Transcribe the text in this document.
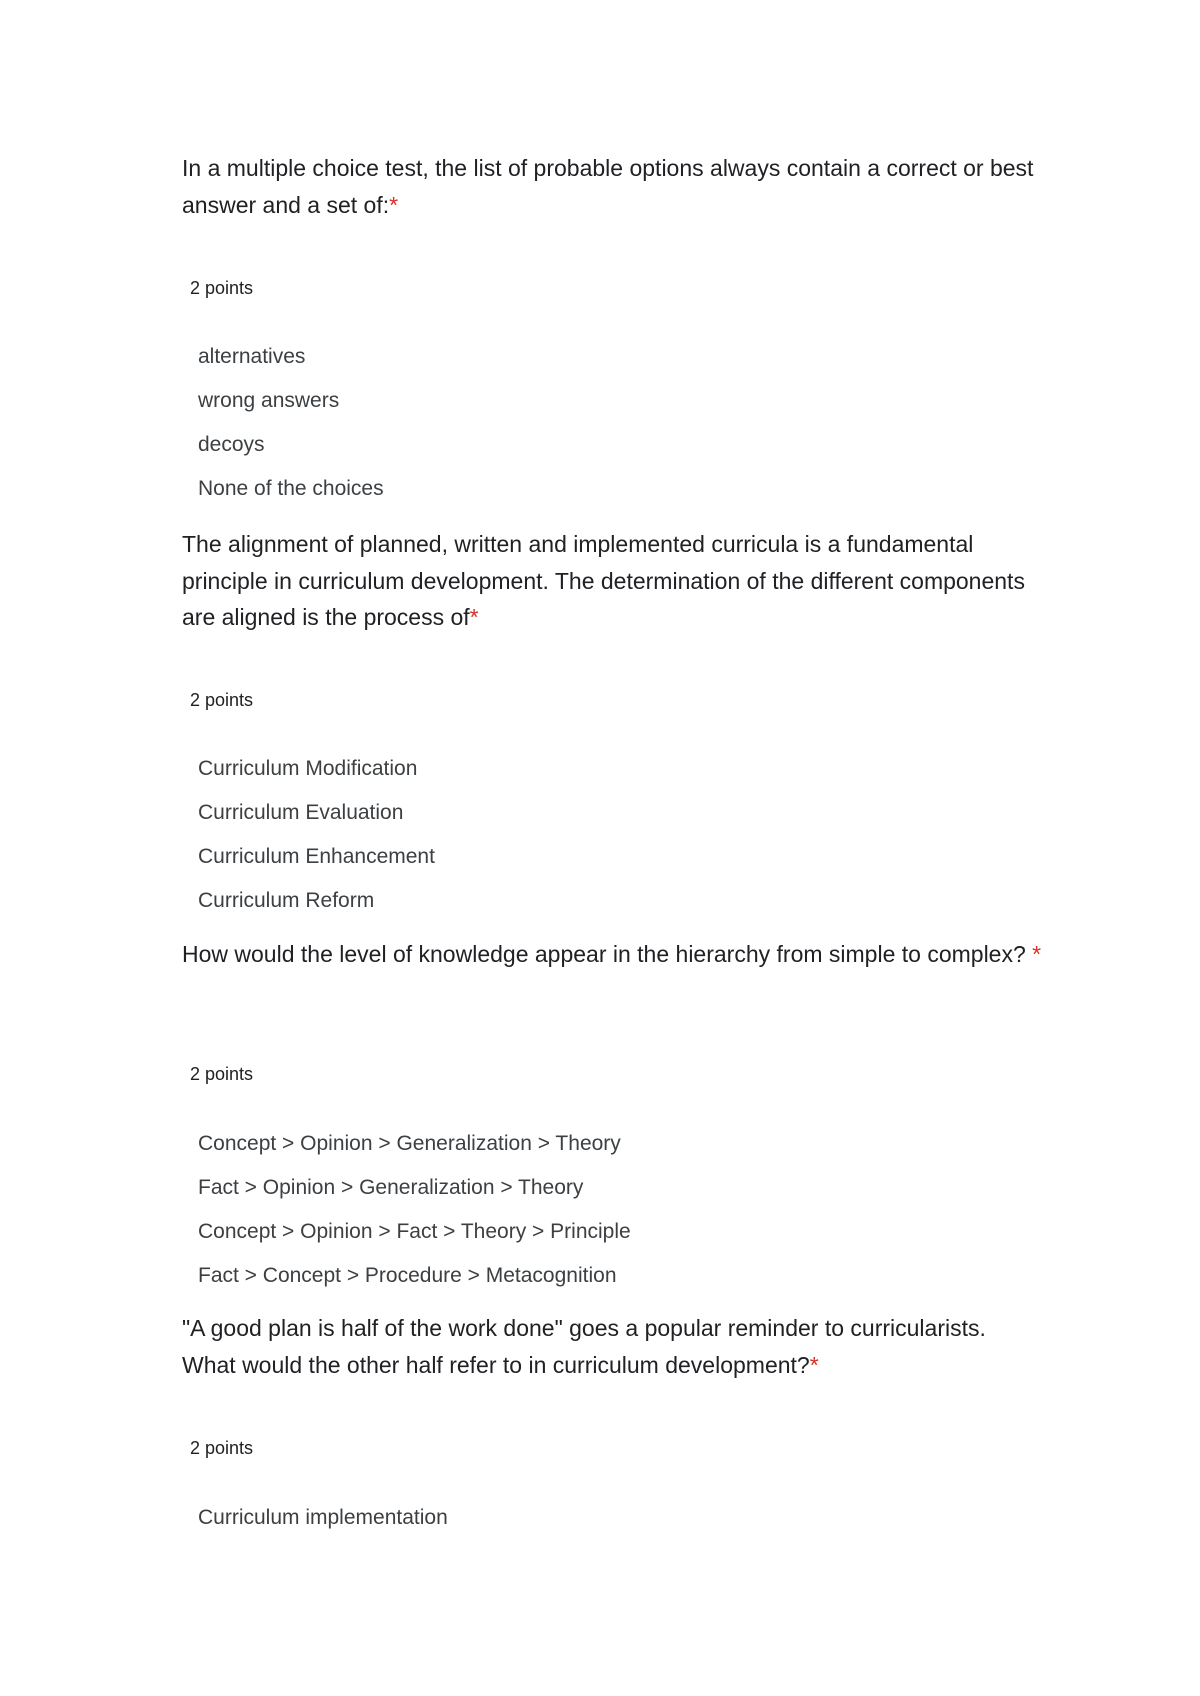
In a multiple choice test, the list of probable options always contain a correct or best answer and a set of:*

2 points
alternatives
wrong answers
decoys
None of the choices

The alignment of planned, written and implemented curricula is a fundamental principle in curriculum development. The determination of the different components are aligned is the process of*

2 points
Curriculum Modification
Curriculum Evaluation
Curriculum Enhancement
Curriculum Reform

How would the level of knowledge appear in the hierarchy from simple to complex? *

2 points
Concept > Opinion > Generalization > Theory
Fact > Opinion > Generalization > Theory
Concept > Opinion > Fact > Theory > Principle
Fact > Concept > Procedure > Metacognition

"A good plan is half of the work done" goes a popular reminder to curricularists. What would the other half refer to in curriculum development?*

2 points
Curriculum implementation
